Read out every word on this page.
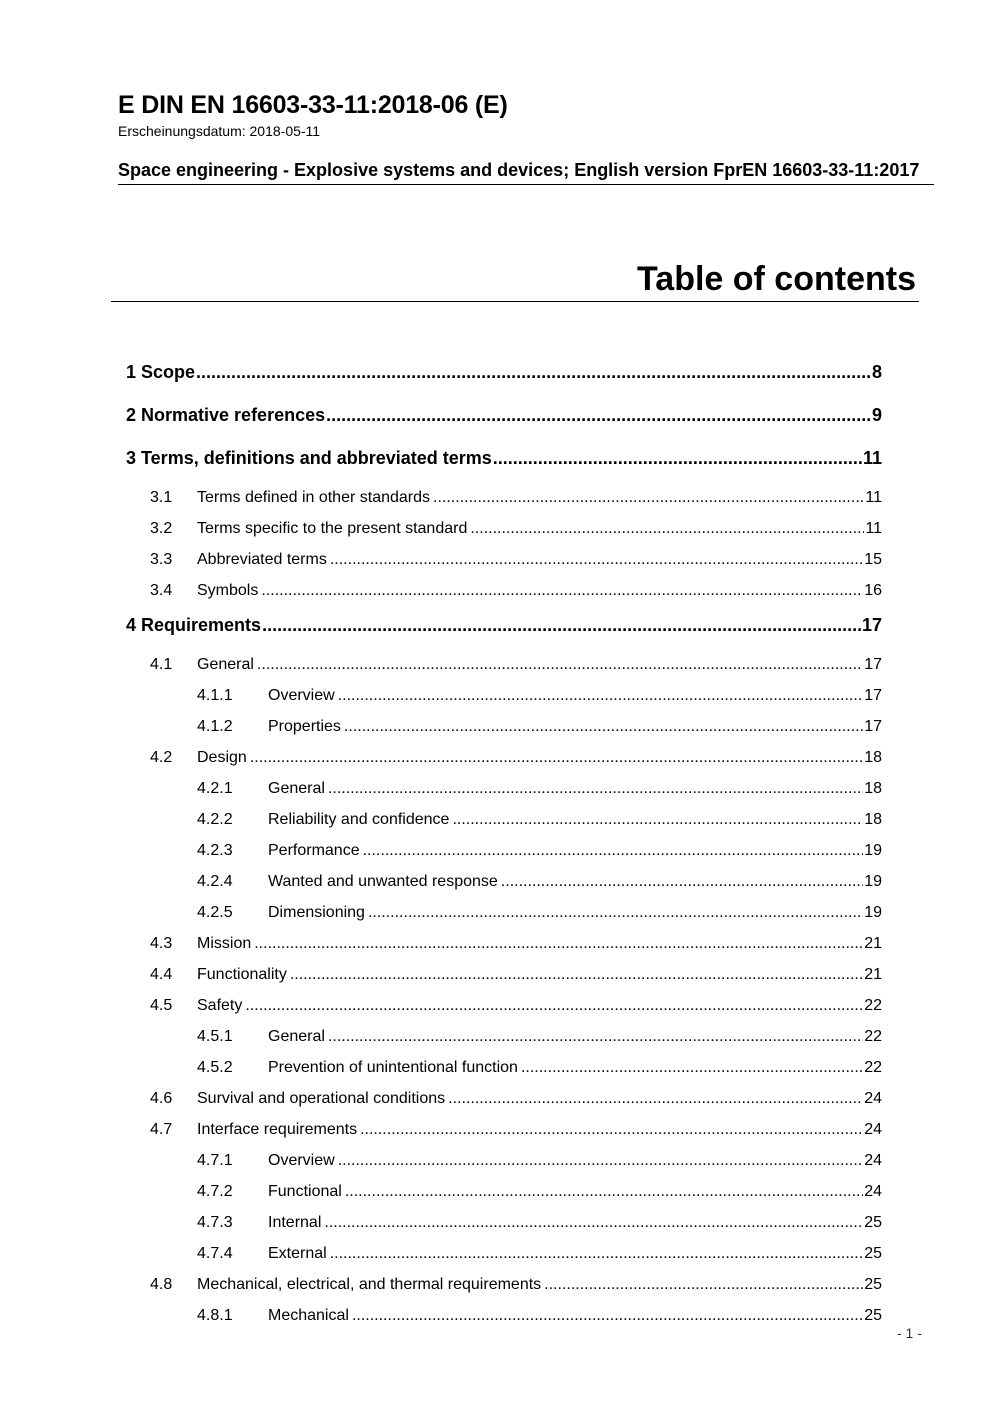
E DIN EN 16603-33-11:2018-06 (E)

Erscheinungsdatum: 2018-05-11

Space engineering - Explosive systems and devices; English version FprEN 16603-33-11:2017

Table of contents
1 Scope .....	8
2 Normative references .....	9
3 Terms, definitions and abbreviated terms .....	11
3.1	Terms defined in other standards .....	11
3.2	Terms specific to the present standard .....	11
3.3	Abbreviated terms .....	15
3.4	Symbols .....	16
4 Requirements .....	17
4.1	General .....	17
4.1.1	Overview .....	17
4.1.2	Properties .....	17
4.2	Design .....	18
4.2.1	General .....	18
4.2.2	Reliability and confidence .....	18
4.2.3	Performance .....	19
4.2.4	Wanted and unwanted response .....	19
4.2.5	Dimensioning .....	19
4.3	Mission .....	21
4.4	Functionality .....	21
4.5	Safety .....	22
4.5.1	General .....	22
4.5.2	Prevention of unintentional function .....	22
4.6	Survival and operational conditions .....	24
4.7	Interface requirements .....	24
4.7.1	Overview .....	24
4.7.2	Functional .....	24
4.7.3	Internal .....	25
4.7.4	External .....	25
4.8	Mechanical, electrical, and thermal requirements .....	25
4.8.1	Mechanical .....	25
- 1 -
